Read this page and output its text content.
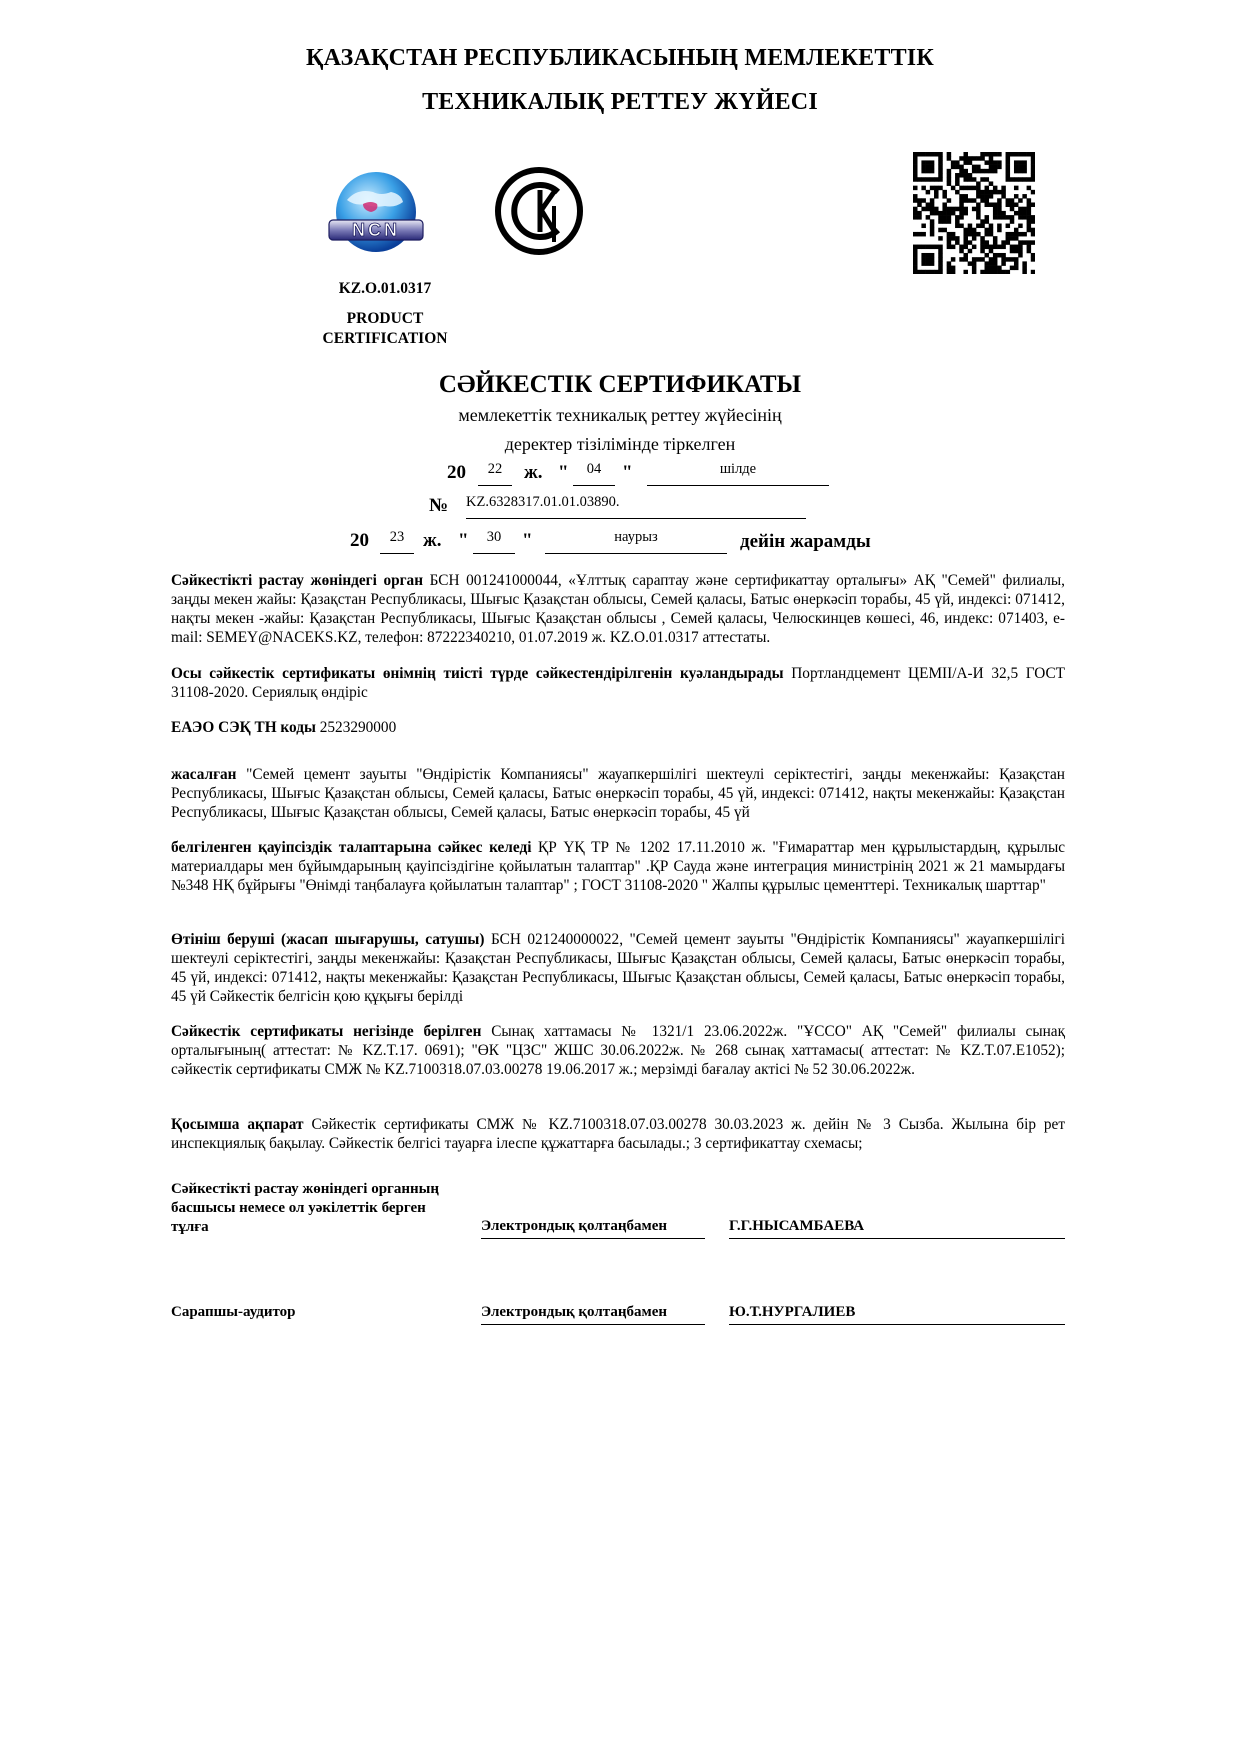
ҚАЗАҚСТАН РЕСПУБЛИКАСЫНЫҢ МЕМЛЕКЕТТІК
ТЕХНИКАЛЫҚ РЕТТЕУ ЖҮЙЕСІ
NCN
KZ.O.01.0317
PRODUCT
CERTIFICATION
СӘЙКЕСТІК СЕРТИФИКАТЫ
мемлекеттік техникалық реттеу жүйесінің
деректер тізілімінде тіркелген
20	22	ж. "	04	"	шілде
№ KZ.6328317.01.01.03890.
20	23 ж. "	30	"	наурыз	дейін жарамды
Сәйкестікті растау жөніндегі орган БСН 001241000044, «Ұлттық сараптау және сертификаттау орталығы» АҚ "Семей" филиалы, заңды мекен жайы: Қазақстан Республикасы, Шығыс Қазақстан облысы, Семей қаласы, Батыс өнеркәсіп торабы, 45 үй, индексі: 071412, нақты мекен -жайы: Қазақстан Республикасы, Шығыс Қазақстан облысы , Семей қаласы, Челюскинцев көшесі, 46, индекс: 071403, e-mail: SEMEY@NACEKS.KZ, телефон: 87222340210, 01.07.2019 ж. KZ.O.01.0317 аттестаты.
Осы сәйкестік сертификаты өнімнің тиісті түрде сәйкестендірілгенін куәландырады Портландцемент ЦЕМII/А-И 32,5 ГОСТ 31108-2020. Сериялық өндіріс
ЕАЭО СЭҚ ТН коды 2523290000
жасалған "Семей цемент зауыты "Өндірістік Компаниясы" жауапкершілігі шектеулі серіктестігі, заңды мекенжайы: Қазақстан Республикасы, Шығыс Қазақстан облысы, Семей қаласы, Батыс өнеркәсіп торабы, 45 үй, индексі: 071412, нақты мекенжайы: Қазақстан Республикасы, Шығыс Қазақстан облысы, Семей қаласы, Батыс өнеркәсіп торабы, 45 үй
белгіленген қауіпсіздік талаптарына сәйкес келеді ҚР ҮҚ ТР № 1202 17.11.2010 ж. "Ғимараттар мен құрылыстардың, құрылыс материалдары мен бұйымдарының қауіпсіздігіне қойылатын талаптар" .ҚР Сауда және интеграция министрінің 2021 ж 21 мамырдағы №348 НҚ бұйрығы "Өнімді таңбалауға қойылатын талаптар" ; ГОСТ 31108-2020 " Жалпы құрылыс цементтері. Техникалық шарттар"
Өтініш беруші (жасап шығарушы, сатушы) БСН 021240000022, "Семей цемент зауыты "Өндірістік Компаниясы" жауапкершілігі шектеулі серіктестігі, заңды мекенжайы: Қазақстан Республикасы, Шығыс Қазақстан облысы, Семей қаласы, Батыс өнеркәсіп торабы, 45 үй, индексі: 071412, нақты мекенжайы: Қазақстан Республикасы, Шығыс Қазақстан облысы, Семей қаласы, Батыс өнеркәсіп торабы, 45 үй Сәйкестік белгісін қою құқығы берілді
Сәйкестік сертификаты негізінде берілген Сынақ хаттамасы № 1321/1 23.06.2022ж. "ҰССО" АҚ "Семей" филиалы сынақ орталығының( аттестат: № KZ.T.17. 0691); "ӨК "ЦЗС" ЖШС 30.06.2022ж. № 268 сынақ хаттамасы( аттестат: № KZ.T.07.E1052); сәйкестік сертификаты СМЖ № KZ.7100318.07.03.00278 19.06.2017 ж.; мерзімді бағалау актісі № 52 30.06.2022ж.
Қосымша ақпарат Сәйкестік сертификаты СМЖ № KZ.7100318.07.03.00278 30.03.2023 ж. дейін № 3 Сызба. Жылына бір рет инспекциялық бақылау. Сәйкестік белгісі тауарға ілеспе құжаттарға басылады.; 3 сертификаттау схемасы;
Сәйкестікті растау жөніндегі органның
басшысы немесе ол уәкілеттік берген
тұлға	Электрондық қолтаңбамен	Г.Г.НЫСАМБАЕВА
Сарапшы-аудитор	Электрондық қолтаңбамен	Ю.Т.НУРГАЛИЕВ
